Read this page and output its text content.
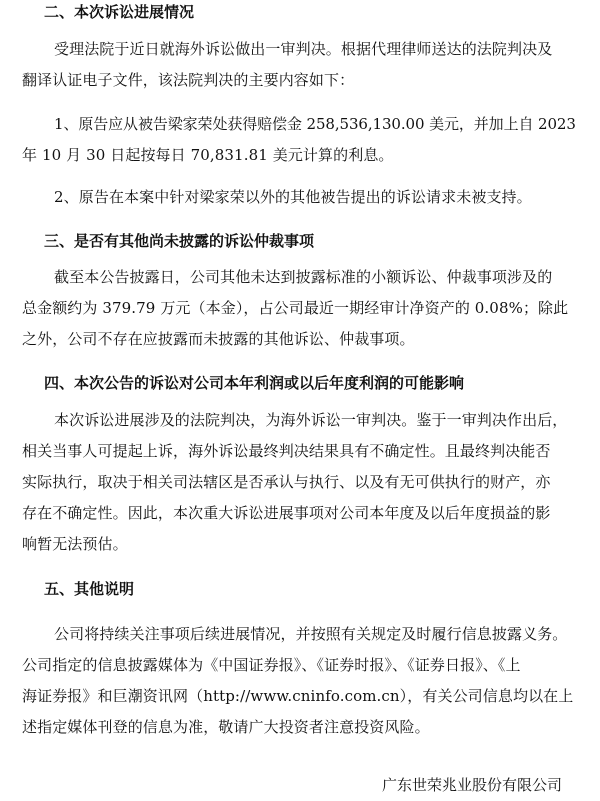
二、本次诉讼进展情况
受理法院于近日就海外诉讼做出一审判决。根据代理律师送达的法院判决及
翻译认证电子文件，该法院判决的主要内容如下：
1、原告应从被告梁家荣处获得赔偿金 258,536,130.00 美元，并加上自 2023
年 10 月 30 日起按每日 70,831.81 美元计算的利息。
2、原告在本案中针对梁家荣以外的其他被告提出的诉讼请求未被支持。
三、是否有其他尚未披露的诉讼仲裁事项
截至本公告披露日，公司其他未达到披露标准的小额诉讼、仲裁事项涉及的
总金额约为 379.79 万元（本金），占公司最近一期经审计净资产的 0.08%；除此
之外，公司不存在应披露而未披露的其他诉讼、仲裁事项。
四、本次公告的诉讼对公司本年利润或以后年度利润的可能影响
本次诉讼进展涉及的法院判决，为海外诉讼一审判决。鉴于一审判决作出后，
相关当事人可提起上诉，海外诉讼最终判决结果具有不确定性。且最终判决能否
实际执行，取决于相关司法辖区是否承认与执行、以及有无可供执行的财产，亦
存在不确定性。因此，本次重大诉讼进展事项对公司本年度及以后年度损益的影
响暂无法预估。
五、其他说明
公司将持续关注事项后续进展情况，并按照有关规定及时履行信息披露义务。
公司指定的信息披露媒体为《中国证券报》、《证券时报》、《证券日报》、《上
海证券报》和巨潮资讯网（http://www.cninfo.com.cn），有关公司信息均以在上
述指定媒体刊登的信息为准，敬请广大投资者注意投资风险。
广东世荣兆业股份有限公司
